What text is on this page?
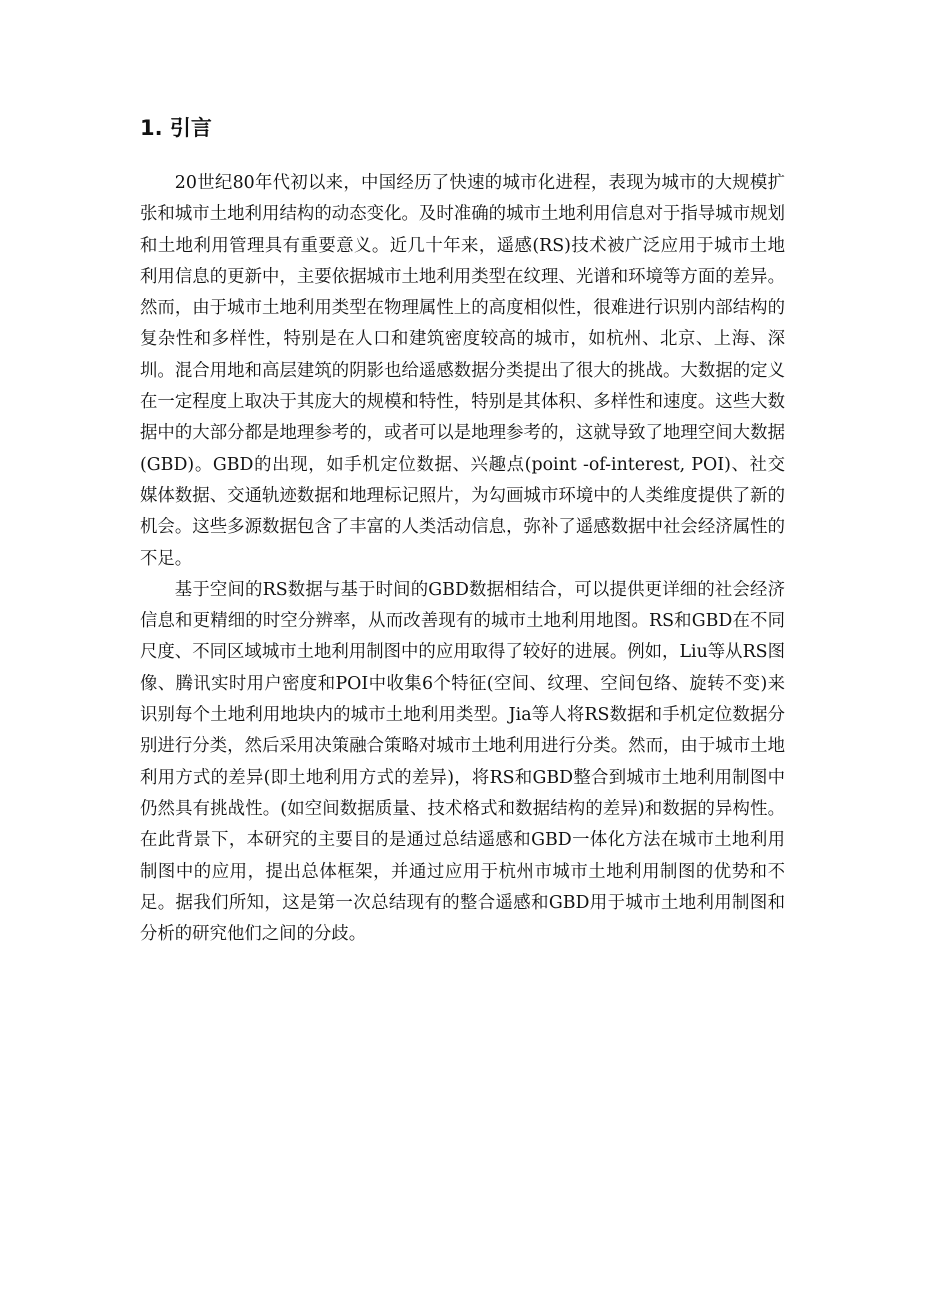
1. 引言

20世纪80年代初以来，中国经历了快速的城市化进程，表现为城市的大规模扩张和城市土地利用结构的动态变化。及时准确的城市土地利用信息对于指导城市规划和土地利用管理具有重要意义。近几十年来，遥感(RS)技术被广泛应用于城市土地利用信息的更新中，主要依据城市土地利用类型在纹理、光谱和环境等方面的差异。然而，由于城市土地利用类型在物理属性上的高度相似性，很难进行识别内部结构的复杂性和多样性，特别是在人口和建筑密度较高的城市，如杭州、北京、上海、深圳。混合用地和高层建筑的阴影也给遥感数据分类提出了很大的挑战。大数据的定义在一定程度上取决于其庞大的规模和特性，特别是其体积、多样性和速度。这些大数据中的大部分都是地理参考的，或者可以是地理参考的，这就导致了地理空间大数据(GBD)。GBD的出现，如手机定位数据、兴趣点(point -of-interest, POI)、社交媒体数据、交通轨迹数据和地理标记照片，为勾画城市环境中的人类维度提供了新的机会。这些多源数据包含了丰富的人类活动信息，弥补了遥感数据中社会经济属性的不足。

基于空间的RS数据与基于时间的GBD数据相结合，可以提供更详细的社会经济信息和更精细的时空分辨率，从而改善现有的城市土地利用地图。RS和GBD在不同尺度、不同区域城市土地利用制图中的应用取得了较好的进展。例如，Liu等从RS图像、腾讯实时用户密度和POI中收集6个特征(空间、纹理、空间包络、旋转不变)来识别每个土地利用地块内的城市土地利用类型。Jia等人将RS数据和手机定位数据分别进行分类，然后采用决策融合策略对城市土地利用进行分类。然而，由于城市土地利用方式的差异(即土地利用方式的差异)，将RS和GBD整合到城市土地利用制图中仍然具有挑战性。(如空间数据质量、技术格式和数据结构的差异)和数据的异构性。在此背景下，本研究的主要目的是通过总结遥感和GBD一体化方法在城市土地利用制图中的应用，提出总体框架，并通过应用于杭州市城市土地利用制图的优势和不足。据我们所知，这是第一次总结现有的整合遥感和GBD用于城市土地利用制图和分析的研究他们之间的分歧。
